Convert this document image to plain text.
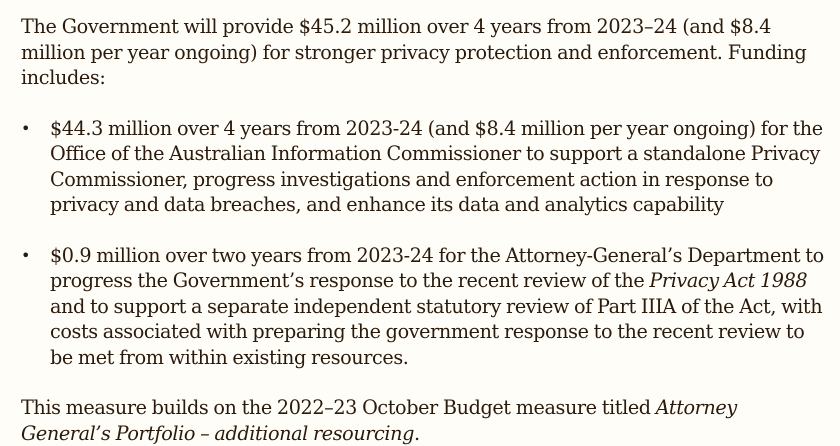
The Government will provide $45.2 million over 4 years from 2023–24 (and $8.4 million per year ongoing) for stronger privacy protection and enforcement. Funding includes:

• $44.3 million over 4 years from 2023-24 (and $8.4 million per year ongoing) for the Office of the Australian Information Commissioner to support a standalone Privacy Commissioner, progress investigations and enforcement action in response to privacy and data breaches, and enhance its data and analytics capability
• $0.9 million over two years from 2023-24 for the Attorney-General’s Department to progress the Government’s response to the recent review of the Privacy Act 1988 and to support a separate independent statutory review of Part IIIA of the Act, with costs associated with preparing the government response to the recent review to be met from within existing resources.

This measure builds on the 2022–23 October Budget measure titled Attorney General’s Portfolio – additional resourcing.
